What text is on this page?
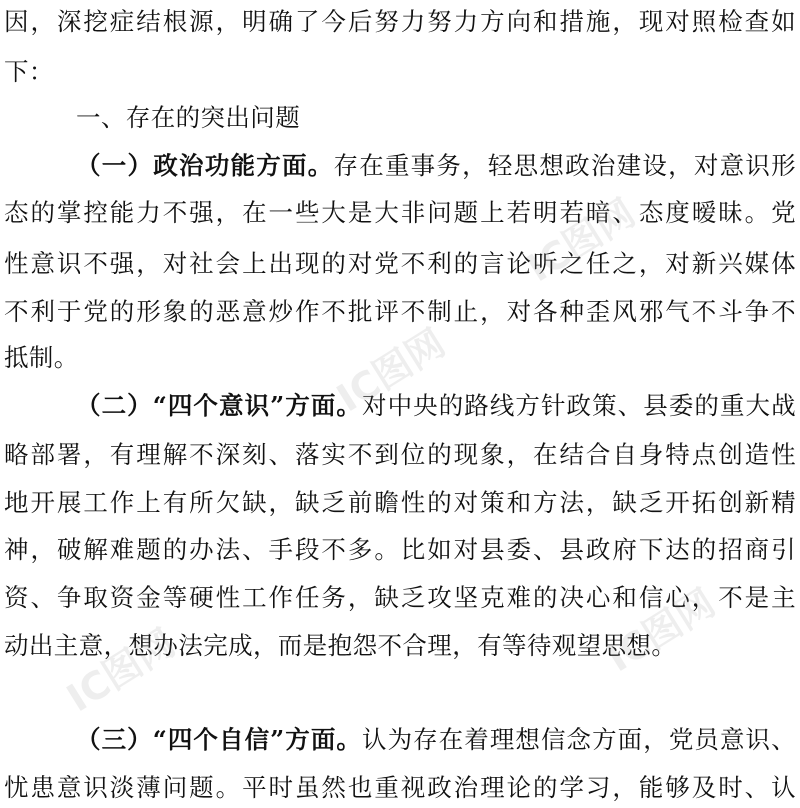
因，深挖症结根源，明确了今后努力努力方向和措施，现对照检查如
下：
一、存在的突出问题
（一）政治功能方面。存在重事务，轻思想政治建设，对意识形
态的掌控能力不强，在一些大是大非问题上若明若暗、态度暧昧。党
性意识不强，对社会上出现的对党不利的言论听之任之，对新兴媒体
不利于党的形象的恶意炒作不批评不制止，对各种歪风邪气不斗争不
抵制。
（二）“四个意识”方面。对中央的路线方针政策、县委的重大战
略部署，有理解不深刻、落实不到位的现象，在结合自身特点创造性
地开展工作上有所欠缺，缺乏前瞻性的对策和方法，缺乏开拓创新精
神，破解难题的办法、手段不多。比如对县委、县政府下达的招商引
资、争取资金等硬性工作任务，缺乏攻坚克难的决心和信心，不是主
动出主意，想办法完成，而是抱怨不合理，有等待观望思想。
（三）“四个自信”方面。认为存在着理想信念方面，党员意识、
忧患意识淡薄问题。平时虽然也重视政治理论的学习，能够及时、认
IC图网
IC图网
IC图网	IC图网
